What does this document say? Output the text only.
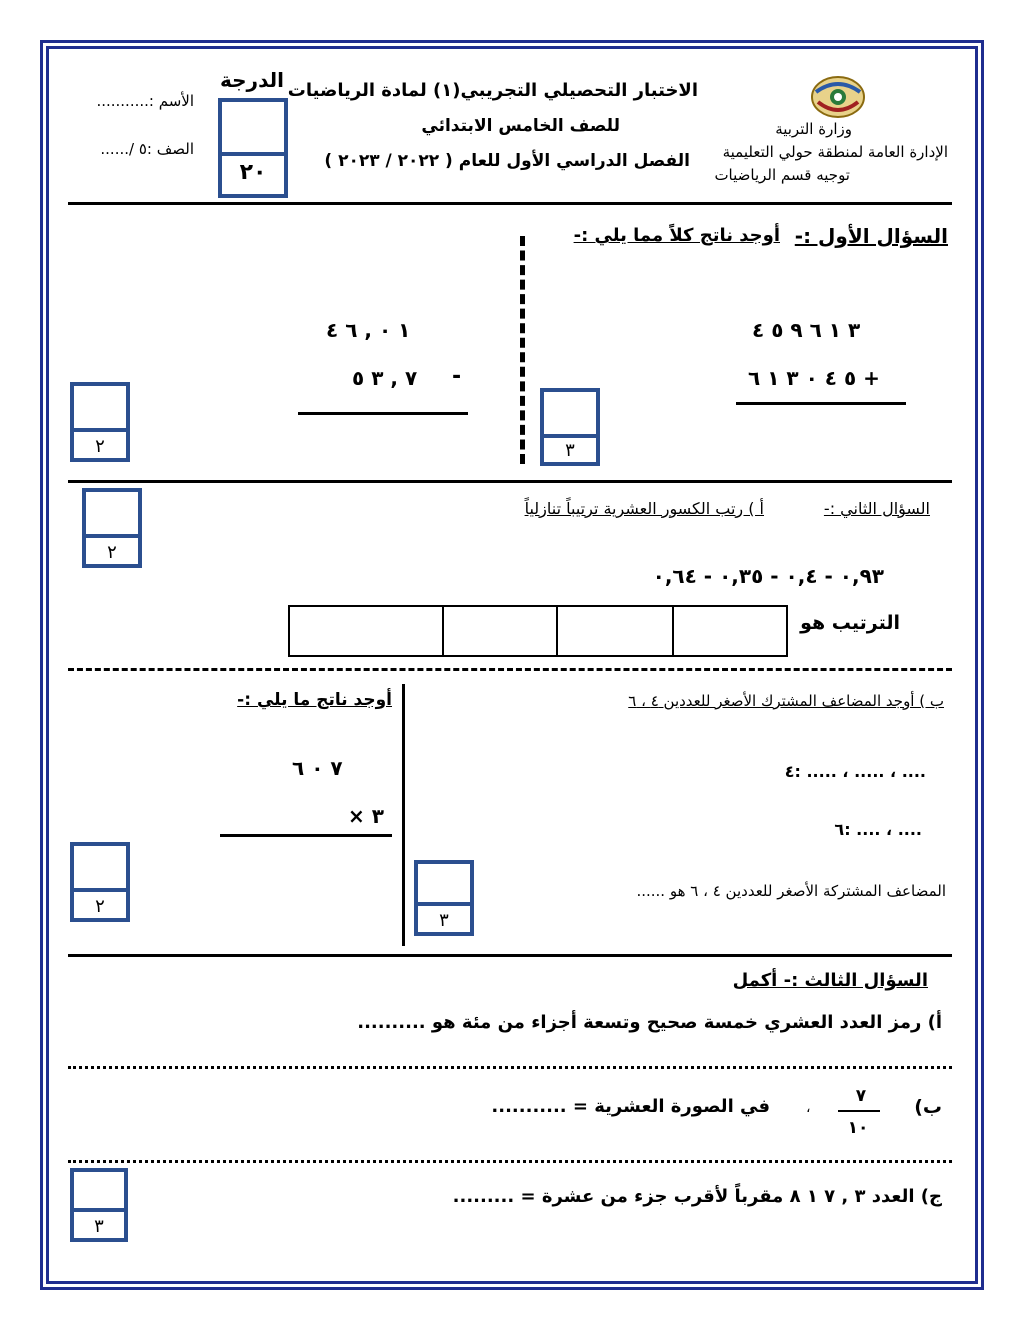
وزارة التربية
الإدارة العامة لمنطقة حولي التعليمية
توجيه قسم الرياضيات
الاختبار التحصيلي التجريبي(١) لمادة الرياضيات
للصف الخامس الابتدائي
الفصل الدراسي الأول للعام ( ٢٠٢٢ / ٢٠٢٣ )
الدرجة
٢٠
الأسم :...........
الصف :٥ /......
السؤال الأول :-
أوجد ناتج كلاً مما يلي :-
٣ ١ ٦ ٩ ٥ ٤
٥ ٤ ٠ ٣ ١ ٦ +
٣
١ ٠ , ٦ ٤
٧ , ٣ ٥ -
٢
السؤال الثاني :-
أ ) رتب الكسور العشرية ترتيباً تنازلياً
٢
٠,٩٣ - ٠,٤ - ٠,٣٥ - ٠,٦٤
الترتيب هو
ب ) أوجد المضاعف المشترك الأصغر للعددين ٤ ، ٦
٤: ..... ، ..... ، ....
٦: .... ، ....
المضاعف المشتركة الأصغر للعددين ٤ ، ٦ هو ......
٣
أوجد ناتج ما يلي :-
٧ ٠ ٦
× ٣
٢
السؤال الثالث :- أكمل
أ) رمز العدد العشري خمسة صحيح وتسعة أجزاء من مئة هو ..........
ب)
٧
١٠
،
في الصورة العشرية = ...........
ج) العدد ٣ , ٧ ١ ٨ مقرباً لأقرب جزء من عشرة = .........
٣
